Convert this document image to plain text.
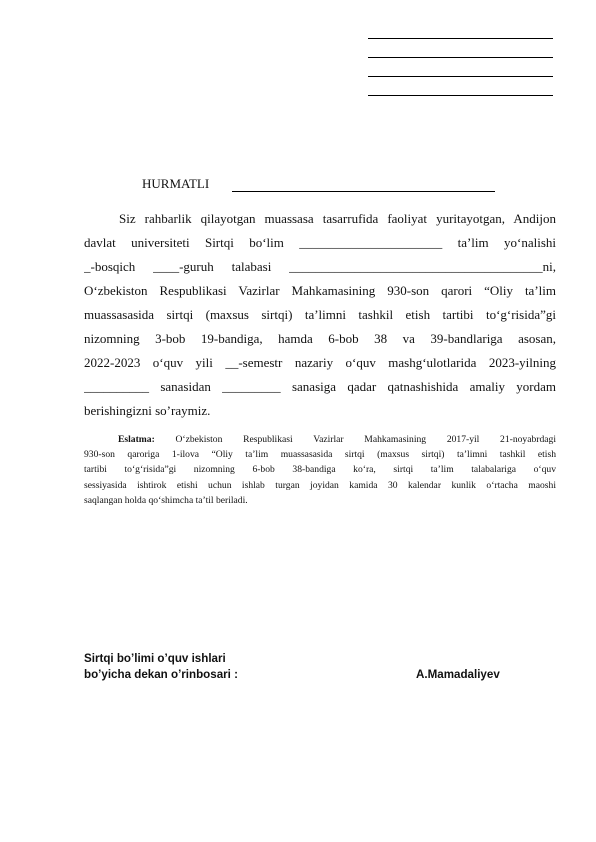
HURMATLI
Siz rahbarlik qilayotgan muassasa tasarrufida faoliyat yuritayotgan, Andijon
davlat universiteti Sirtqi bo‘lim ______________________ ta’lim yo‘nalishi
_-bosqich ____-guruh talabasi _______________________________________ni,
O‘zbekiston Respublikasi Vazirlar Mahkamasining 930-son qarori “Oliy ta’lim
muassasasida sirtqi (maxsus sirtqi) ta’limni tashkil etish tartibi to‘g‘risida”gi
nizomning 3-bob 19-bandiga, hamda 6-bob 38 va 39-bandlariga asosan,
2022-2023 o‘quv yili __-semestr nazariy o‘quv mashg‘ulotlarida 2023-yilning
__________ sanasidan _________ sanasiga qadar qatnashishida amaliy yordam
berishingizni so’raymiz.
Eslatma: O‘zbekiston Respublikasi Vazirlar Mahkamasining 2017-yil 21-noyabrdagi
930-son qaroriga 1-ilova “Oliy ta’lim muassasasida sirtqi (maxsus sirtqi) ta’limni tashkil etish
tartibi to‘g‘risida”gi nizomning 6-bob 38-bandiga ko‘ra, sirtqi ta’lim talabalariga o‘quv
sessiyasida ishtirok etishi uchun ishlab turgan joyidan kamida 30 kalendar kunlik o‘rtacha maoshi
saqlangan holda qo‘shimcha ta’til beriladi.
Sirtqi bo’limi o’quv ishlari
bo’yicha dekan o’rinbosari :	A.Mamadaliyev
